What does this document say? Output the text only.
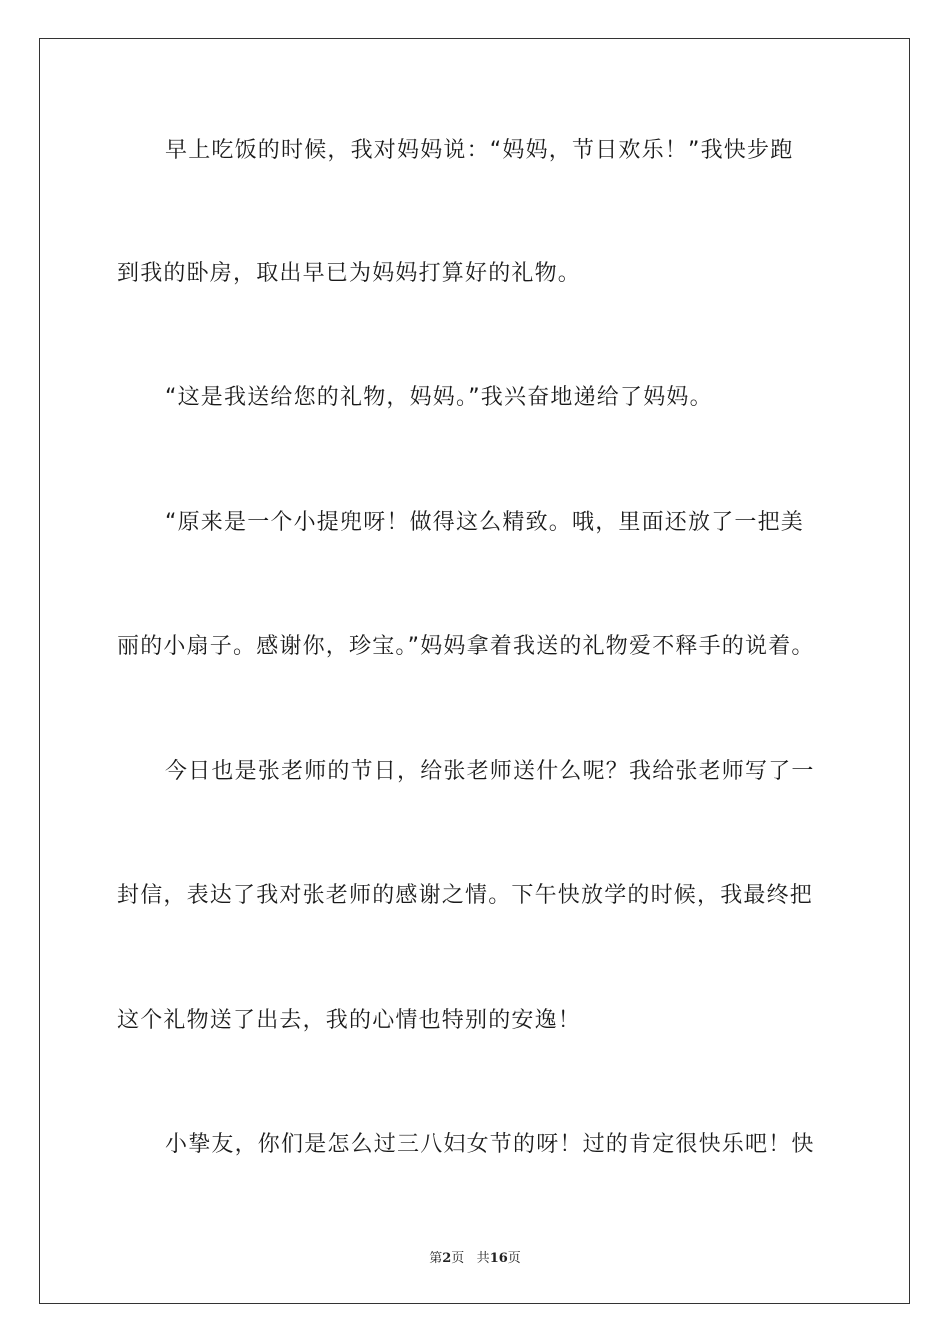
早上吃饭的时候，我对妈妈说：“妈妈，节日欢乐！”我快步跑
到我的卧房，取出早已为妈妈打算好的礼物。
“这是我送给您的礼物，妈妈。”我兴奋地递给了妈妈。
“原来是一个小提兜呀！做得这么精致。哦，里面还放了一把美
丽的小扇子。感谢你，珍宝。”妈妈拿着我送的礼物爱不释手的说着。
今日也是张老师的节日，给张老师送什么呢？我给张老师写了一
封信，表达了我对张老师的感谢之情。下午快放学的时候，我最终把
这个礼物送了出去，我的心情也特别的安逸！
小挚友，你们是怎么过三八妇女节的呀！过的肯定很快乐吧！快
第2页 共16页
